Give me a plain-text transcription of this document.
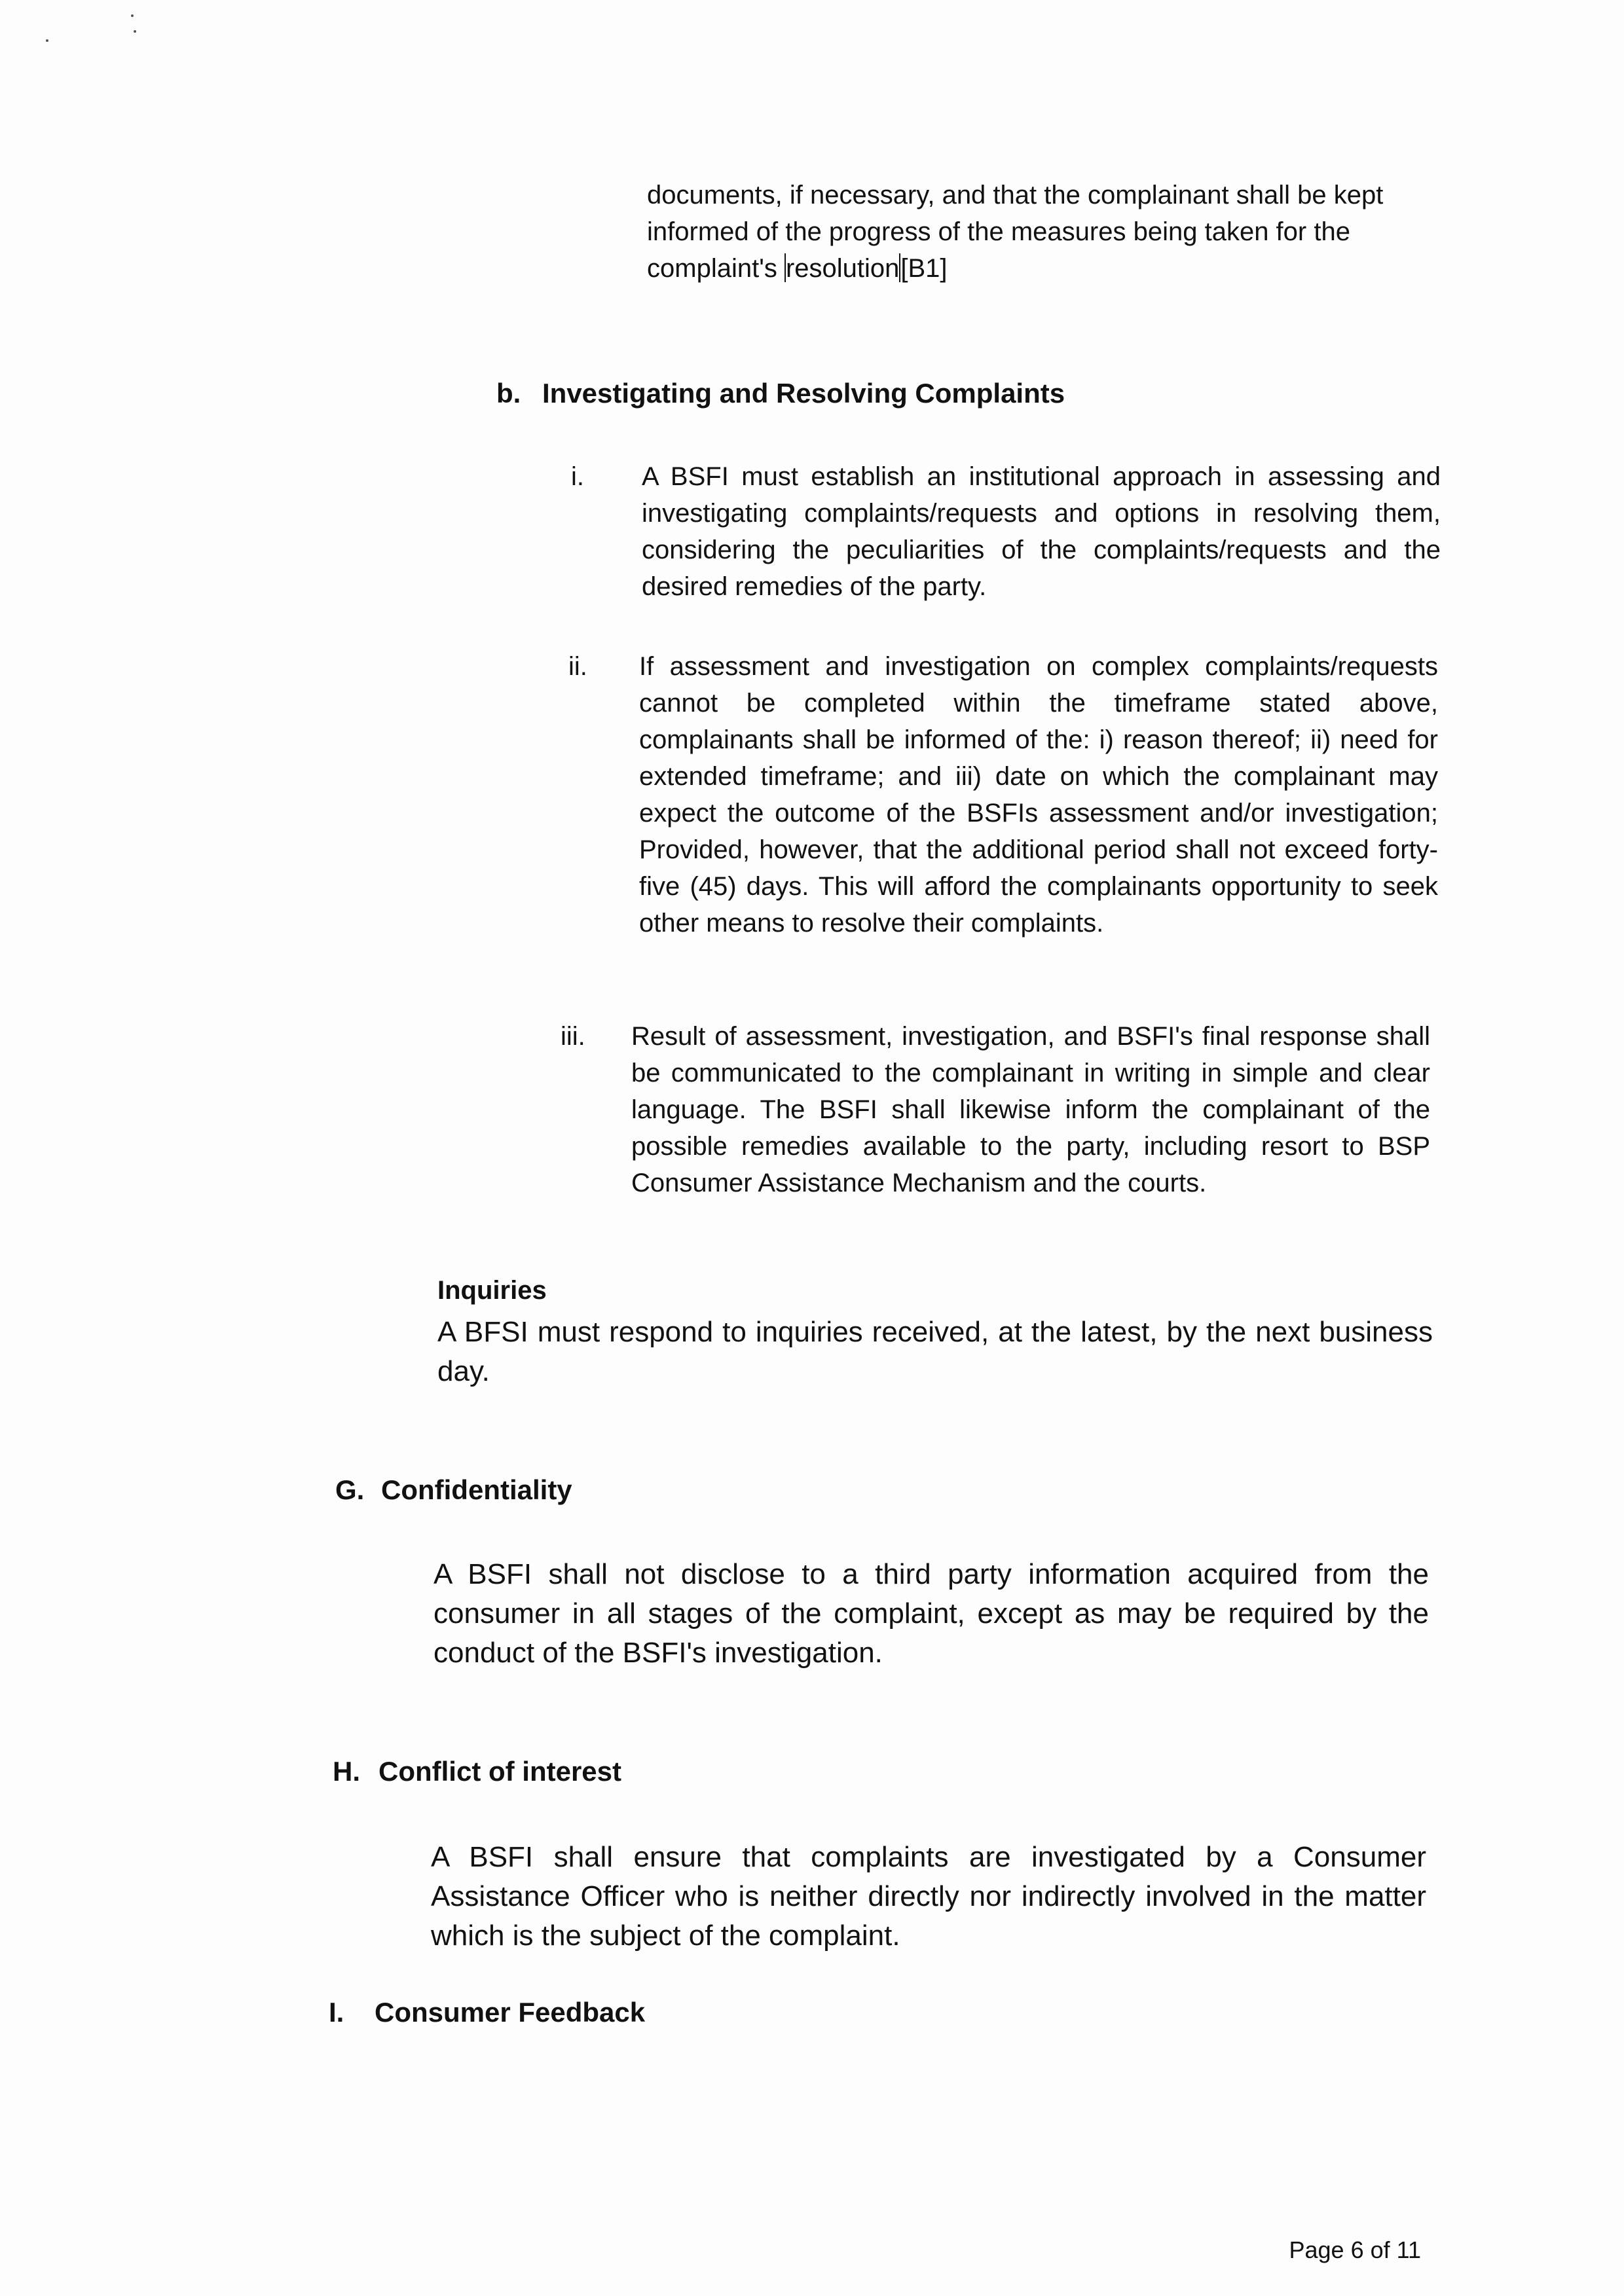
documents, if necessary, and that the complainant shall be kept
informed of the progress of the measures being taken for the
complaint's resolution[B1]
b. Investigating and Resolving Complaints
i. A BSFI must establish an institutional approach in assessing and investigating complaints/requests and options in resolving them, considering the peculiarities of the complaints/requests and the desired remedies of the party.
ii. If assessment and investigation on complex complaints/requests cannot be completed within the timeframe stated above, complainants shall be informed of the: i) reason thereof; ii) need for extended timeframe; and iii) date on which the complainant may expect the outcome of the BSFIs assessment and/or investigation; Provided, however, that the additional period shall not exceed forty-five (45) days. This will afford the complainants opportunity to seek other means to resolve their complaints.
iii. Result of assessment, investigation, and BSFI's final response shall be communicated to the complainant in writing in simple and clear language. The BSFI shall likewise inform the complainant of the possible remedies available to the party, including resort to BSP Consumer Assistance Mechanism and the courts.
Inquiries
A BFSI must respond to inquiries received, at the latest, by the next business day.
G. Confidentiality
A BSFI shall not disclose to a third party information acquired from the consumer in all stages of the complaint, except as may be required by the conduct of the BSFI's investigation.
H. Conflict of interest
A BSFI shall ensure that complaints are investigated by a Consumer Assistance Officer who is neither directly nor indirectly involved in the matter which is the subject of the complaint.
I. Consumer Feedback
Page 6 of 11
